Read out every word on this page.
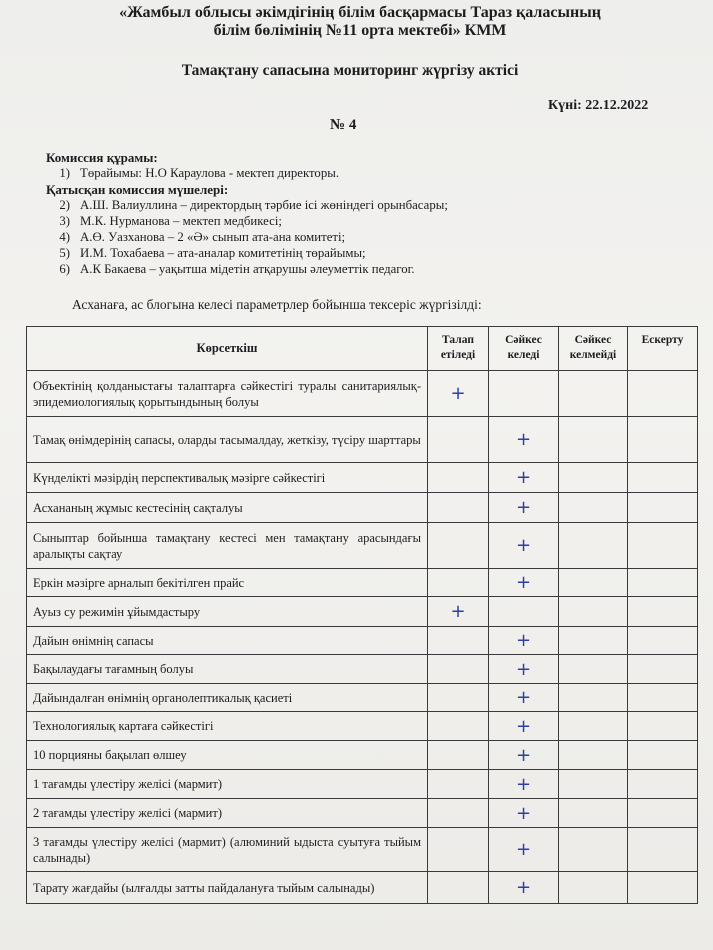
«Жамбыл облысы әкімдігінің білім басқармасы Тараз қаласының
білім бөлімінің №11 орта мектебі» КММ
Тамақтану сапасына мониторинг жүргізу актісі
Күні: 22.12.2022
№ 4
Комиссия құрамы:
1) Төрайымы: Н.О Караулова - мектеп директоры.
Қатысқан комиссия мүшелері:
2) А.Ш. Валиуллина – директордың тәрбие ісі жөніндегі орынбасары;
3) М.К. Нурманова – мектеп медбикесі;
4) А.Ө. Уазханова – 2 «Ә» сынып ата-ана комитеті;
5) И.М. Тохабаева – ата-аналар комитетінің төрайымы;
6) А.К Бакаева – уақытша мідетін атқарушы әлеуметтік педагог.
Асханаға, ас блогына келесі параметрлер бойынша тексеріс жүргізілді:
Көрсеткіш	Талап етіледі	Сәйкес келеді	Сәйкес келмейді	Ескерту
Объектінің қолданыстағы талаптарға сәйкестігі туралы санитариялық-эпидемиологиялық қорытындының болуы	+			
Тамақ өнімдерінің сапасы, оларды тасымалдау, жеткізу, түсіру шарттары		+		
Күнделікті мәзірдің перспективалық мәзірге сәйкестігі		+		
Асхананың жұмыс кестесінің сақталуы		+		
Сыныптар бойынша тамақтану кестесі мен тамақтану арасындағы аралықты сақтау		+		
Еркін мәзірге арналып бекітілген прайс		+		
Ауыз су режимін ұйымдастыру	+			
Дайын өнімнің сапасы		+		
Бақылаудағы тағамның болуы		+		
Дайындалған өнімнің органолептикалық қасиеті		+		
Технологиялық картаға сәйкестігі		+		
10 порцияны бақылап өлшеу		+		
1 тағамды үлестіру желісі (мармит)		+		
2 тағамды үлестіру желісі (мармит)		+		
3 тағамды үлестіру желісі (мармит) (алюминий ыдыста суытуға тыйым салынады)		+		
Тарату жағдайы (ылғалды затты пайдалануға тыйым салынады)		+		
